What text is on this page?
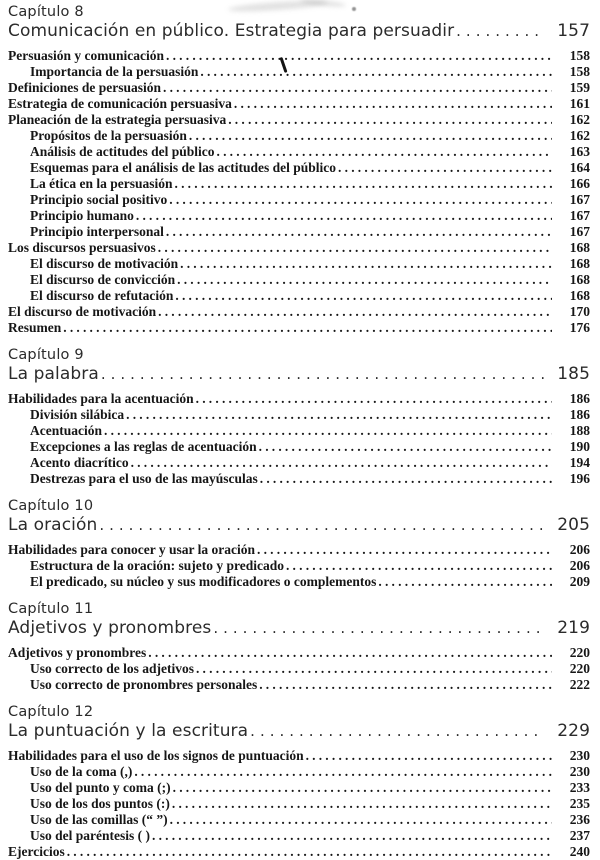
Capítulo 8
Comunicación en público. Estrategia para persuadir .....	157
Persuasión y comunicación .....	158
Importancia de la persuasión .....	158
Definiciones de persuasión .....	159
Estrategia de comunicación persuasiva .....	161
Planeación de la estrategia persuasiva .....	162
Propósitos de la persuasión .....	162
Análisis de actitudes del público .....	163
Esquemas para el análisis de las actitudes del público .....	164
La ética en la persuasión .....	166
Principio social positivo .....	167
Principio humano .....	167
Principio interpersonal .....	167
Los discursos persuasivos .....	168
El discurso de motivación .....	168
El discurso de convicción .....	168
El discurso de refutación .....	168
El discurso de motivación .....	170
Resumen .....	176
Capítulo 9
La palabra .....	185
Habilidades para la acentuación .....	186
División silábica .....	186
Acentuación .....	188
Excepciones a las reglas de acentuación .....	190
Acento diacrítico .....	194
Destrezas para el uso de las mayúsculas .....	196
Capítulo 10
La oración .....	205
Habilidades para conocer y usar la oración .....	206
Estructura de la oración: sujeto y predicado .....	206
El predicado, su núcleo y sus modificadores o complementos .....	209
Capítulo 11
Adjetivos y pronombres .....	219
Adjetivos y pronombres .....	220
Uso correcto de los adjetivos .....	220
Uso correcto de pronombres personales .....	222
Capítulo 12
La puntuación y la escritura .....	229
Habilidades para el uso de los signos de puntuación .....	230
Uso de la coma (,) .....	230
Uso del punto y coma (;) .....	233
Uso de los dos puntos (:) .....	235
Uso de las comillas (“ ”) .....	236
Uso del paréntesis ( ) .....	237
Ejercicios .....	240
